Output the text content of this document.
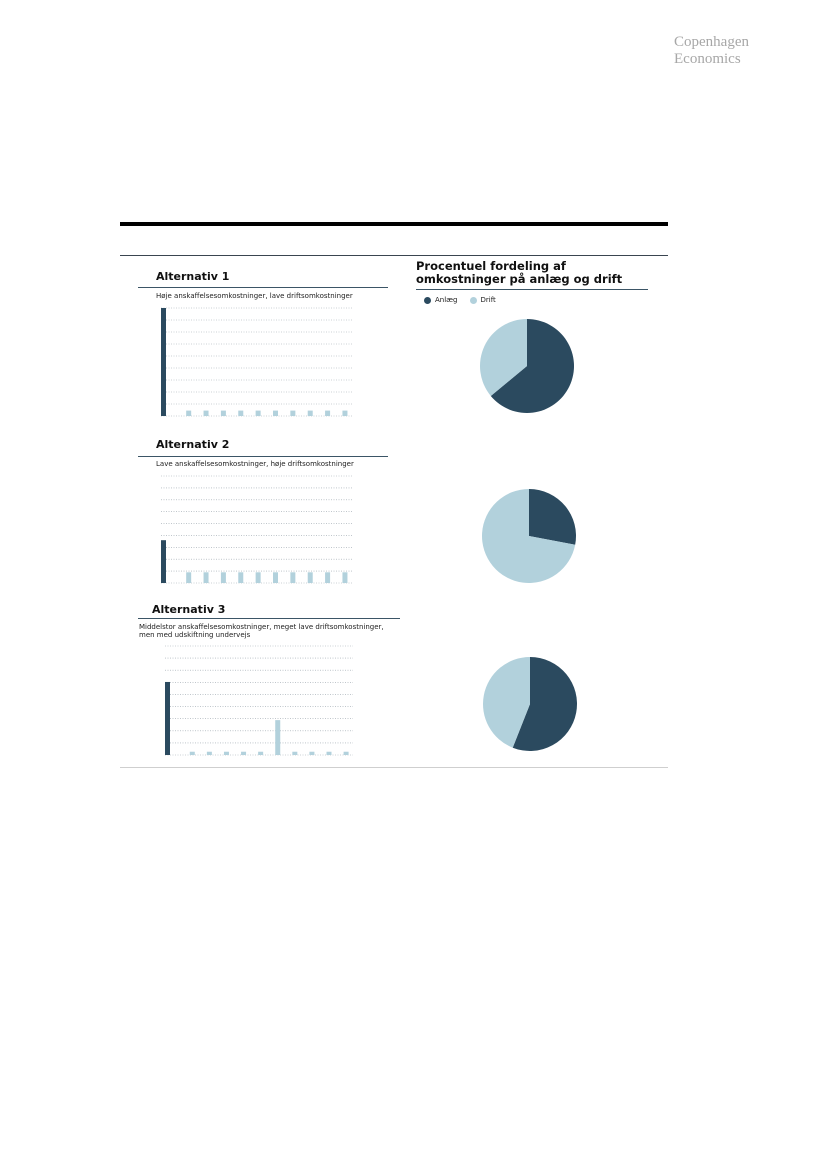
Copenhagen
Economics
Alternativ 1
Høje anskaffelsesomkostninger, lave driftsomkostninger
Alternativ 2
Lave anskaffelsesomkostninger, høje driftsomkostninger
Alternativ 3
Middelstor anskaffelsesomkostninger, meget lave driftsomkostninger, men med udskiftning undervejs
Procentuel fordeling af omkostninger på anlæg og drift
Anlæg	Drift
